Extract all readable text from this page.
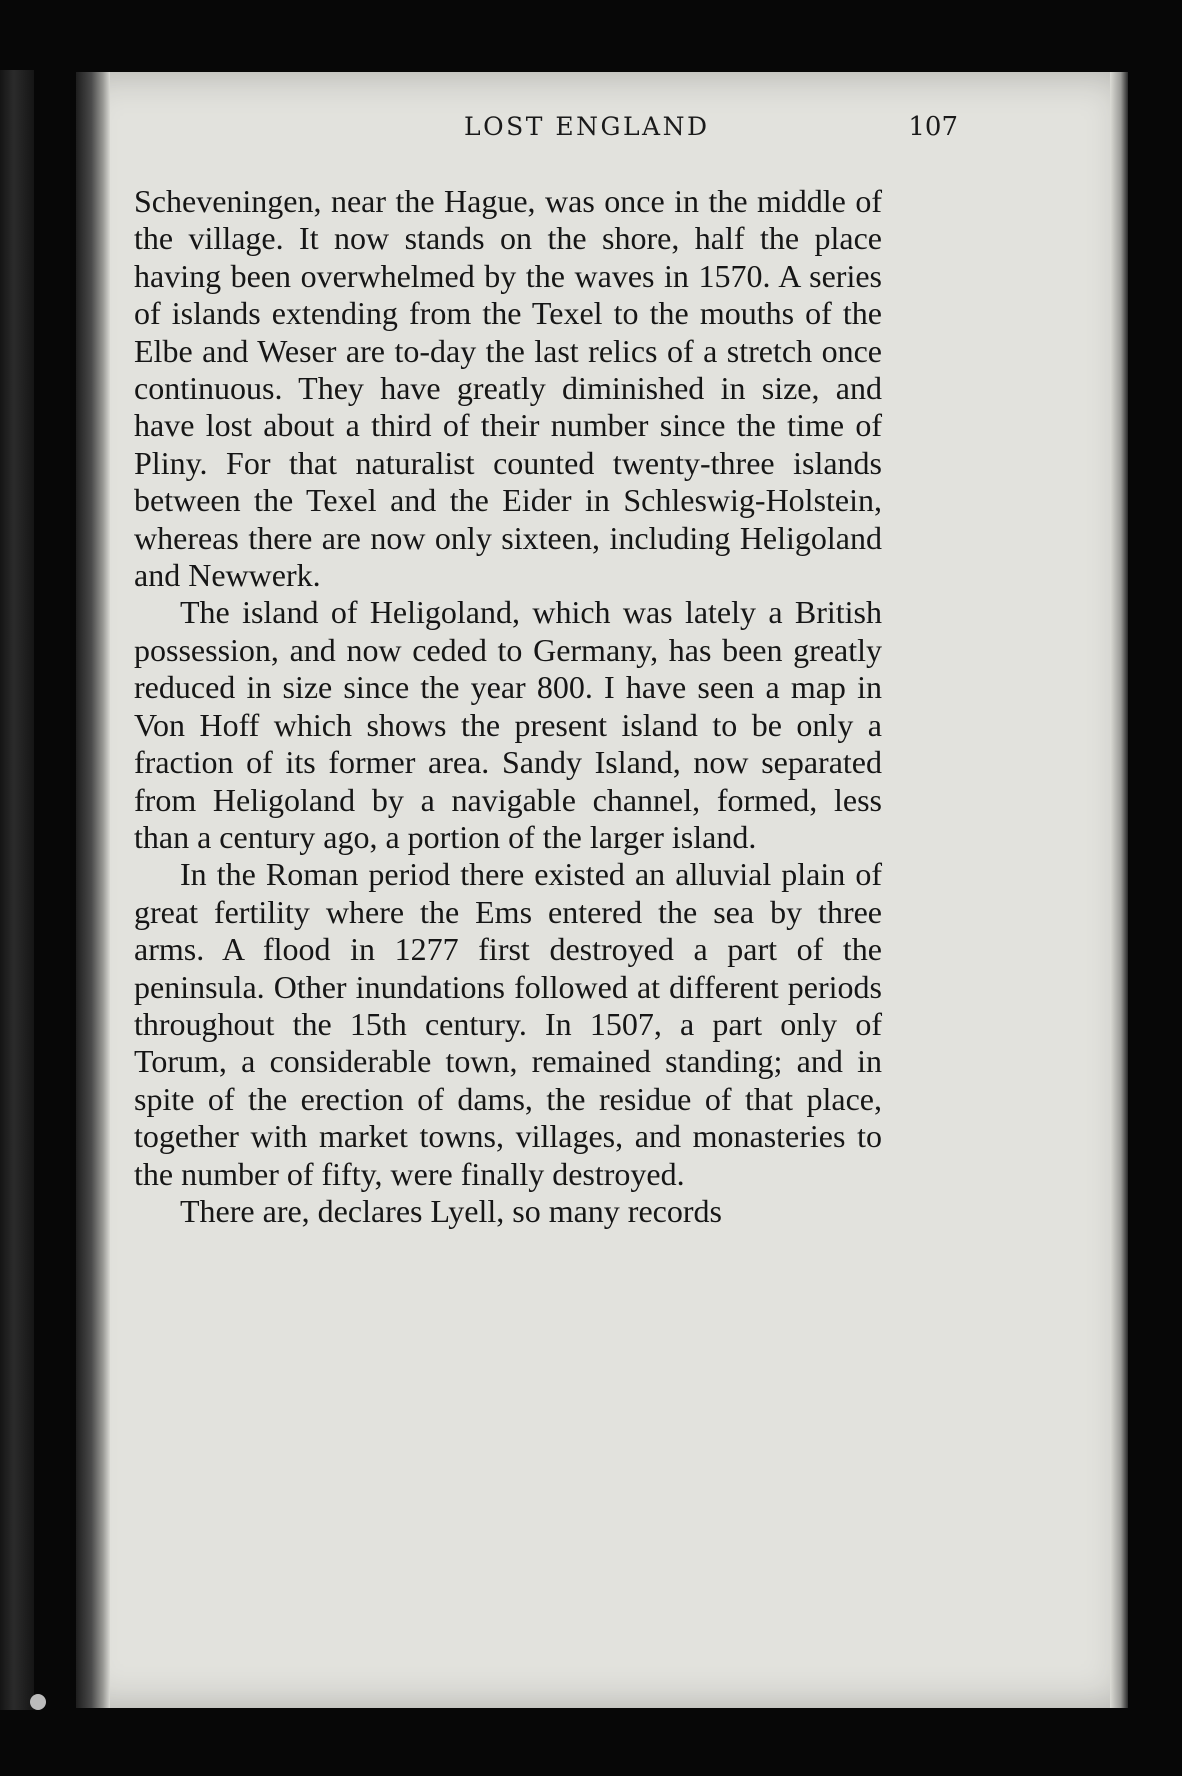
LOST ENGLAND	107

Scheveningen, near the Hague, was once in the middle of the village. It now stands on the shore, half the place having been overwhelmed by the waves in 1570. A series of islands extending from the Texel to the mouths of the Elbe and Weser are to-day the last relics of a stretch once continuous. They have greatly diminished in size, and have lost about a third of their number since the time of Pliny. For that naturalist counted twenty-three islands between the Texel and the Eider in Schleswig-Holstein, whereas there are now only sixteen, including Heligoland and Newwerk.

The island of Heligoland, which was lately a British possession, and now ceded to Germany, has been greatly reduced in size since the year 800. I have seen a map in Von Hoff which shows the present island to be only a fraction of its former area. Sandy Island, now separated from Heligoland by a navigable channel, formed, less than a century ago, a portion of the larger island.

In the Roman period there existed an alluvial plain of great fertility where the Ems entered the sea by three arms. A flood in 1277 first destroyed a part of the peninsula. Other inundations followed at different periods throughout the 15th century. In 1507, a part only of Torum, a considerable town, remained standing; and in spite of the erection of dams, the residue of that place, together with market towns, villages, and monasteries to the number of fifty, were finally destroyed.

There are, declares Lyell, so many records
